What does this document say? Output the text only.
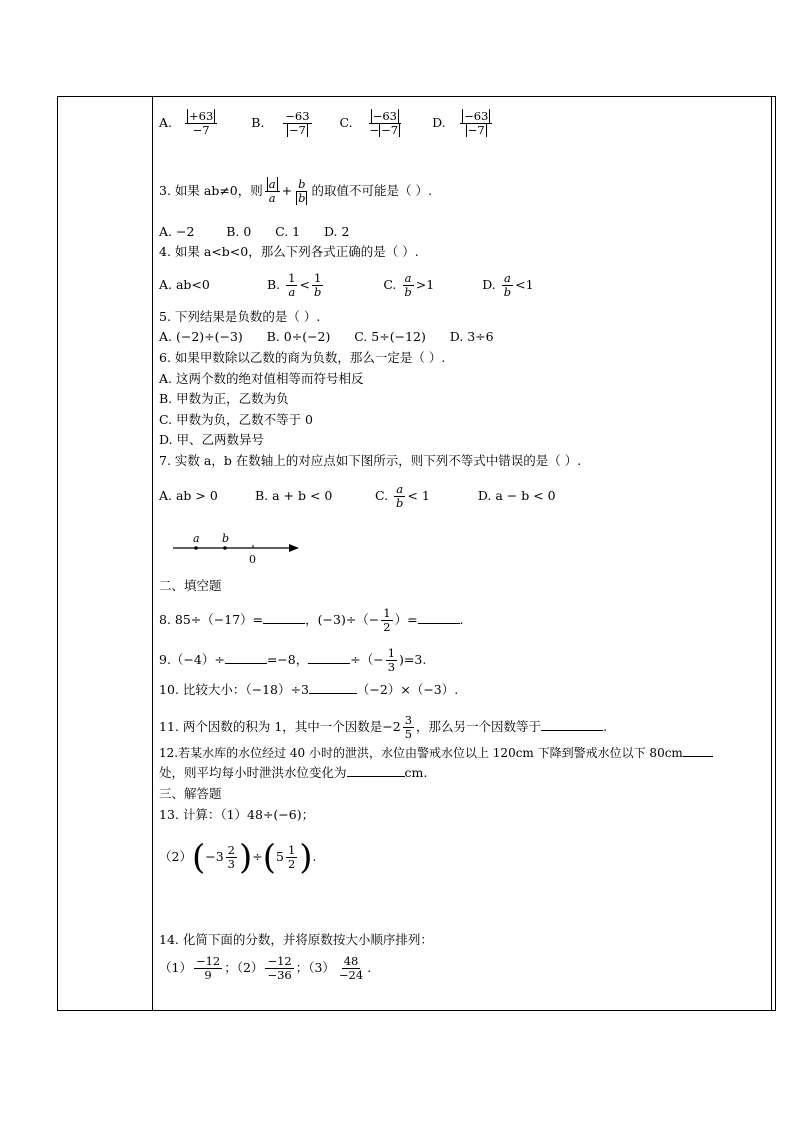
A. $\frac{+63}{-7}$	B. $\frac{-63}{-7} C$. $\frac{-63}{- -7} D$. $\frac{-63}{-7}$
3. 如果 ab≠0，则 $\frac{a}{a} + \frac{b}{b}$ 的取值不可能是（ ）.
A. −2        B. 0      C. 1      D. 2
4. 如果 a<b<0，那么下列各式正确的是（ ）.
A. ab<0	B. $\frac{1}{a} < \frac{1}{b}$	C. $\frac{a}{b} >1$	D. $\frac{a}{b} <1$
5. 下列结果是负数的是（ ）.
A. (−2)÷(−3)      B. 0÷(−2)      C. 5÷(−12)      D. 3÷6
6. 如果甲数除以乙数的商为负数，那么一定是（ ）.
A. 这两个数的绝对值相等而符号相反
B. 甲数为正，乙数为负
C. 甲数为负，乙数不等于 0
D. 甲、乙两数异号
7. 实数 a，b 在数轴上的对应点如下图所示，则下列不等式中错误的是（ ）.
A. ab > 0	B. a + b < 0	C. $\frac{a}{b} < 1$	D. a − b < 0
a b
0
二、填空题
8. 85÷（−17）=	，$(-3)\div(- \frac{1}{2}$ ）=	.
9.（−4）÷	=−8，	÷（− $\frac{1}{3} )=3$.
10. 比较大小：（−18）÷3	（−2）×（−3）.
11. 两个因数的积为 1，其中一个因数是$-2 \frac{3}{5}$ ，那么另一个因数等于	.
12.若某水库的水位经过 40 小时的泄洪，水位由警戒水位以上 120cm 下降到警戒水位以下 80cm
处，则平均每小时泄洪水位变化为	cm.
三、解答题
13. 计算：（1）48÷(−6)；
$(2)(-3 \frac{2}{3} )\div(5 \frac{1}{2}$ ).
14. 化简下面的分数，并将原数按大小顺序排列：
$(1) \frac{-12}{9}$ ；$(2) \frac{-12}{-36}$ ；$(3) \frac{48}{-24}$ .
